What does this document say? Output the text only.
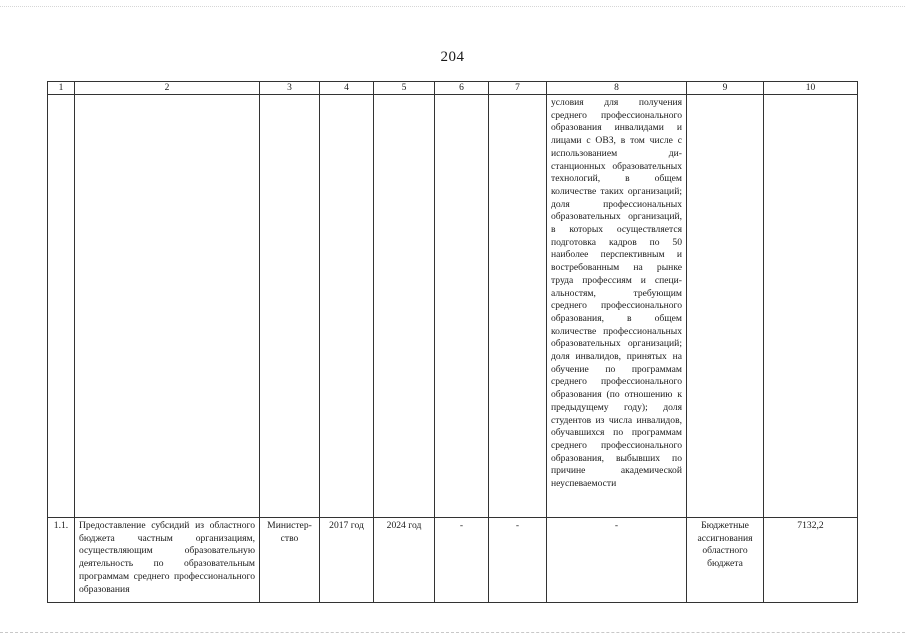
204
1	2	3	4	5	6	7	8	9	10
							условия для получения среднего профессионального образования инвалидами и лицами с ОВЗ, в том числе с использованием дистанционных образовательных технологий, в общем количестве таких организаций; доля профессиональных образовательных организаций, в которых осуществляется подготовка кадров по 50 наиболее перспективным и востребованным на рынке труда профессиям и специальностям, требующим среднего профессионального образования, в общем количестве профессиональных образовательных организаций; доля инвалидов, принятых на обучение по программам среднего профессионального образования (по отношению к предыдущему году); доля студентов из числа инвалидов, обучавшихся по программам среднего профессионального образования, выбывших по причине академической неуспеваемости		
1.1.	Предоставление субсидий из областного бюджета частным организациям, осуществляющим образовательную деятельность по образовательным программам среднего профессионального образования	Министерство	2017 год	2024 год	-	-	-	Бюджетные ассигнования областного бюджета	7132,2
